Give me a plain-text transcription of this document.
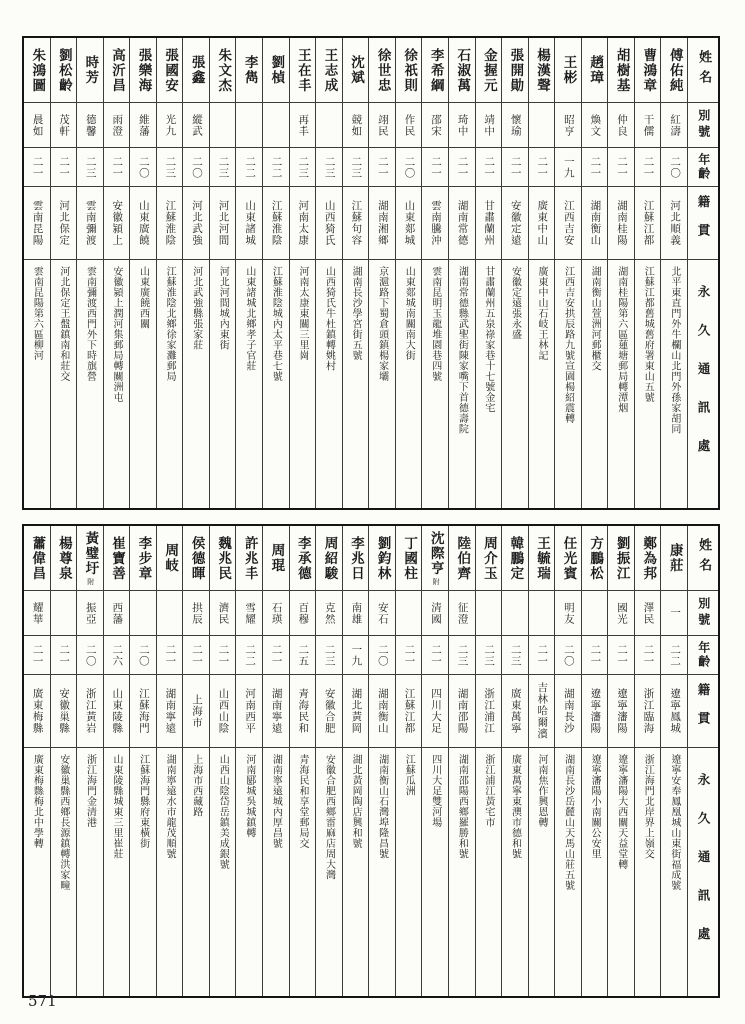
姓名
別號
年齡
籍貫
永久通訊處
傅佑純
紅濤
二〇
河北順義
北平東直門外牛欄山北門外孫家胡同
曹鴻章
干儒
二一
江蘇江都
江蘇江都舊城舊府署東山五號
胡樹基
仲良
二一
湖南桂陽
湖南桂陽第六區蓮塘郵局轉潭烟
趙璋
煥文
二一
湖南衡山
湖南衡山萱洲河郵櫃交
王彬
昭亨
一九
江西吉安
江西吉安拱辰路九號宣園楊紹震轉
楊漢聲
二一
廣東中山
廣東中山石岐王林記
張開勛
懷瑜
二一
安徽定遠
安徽定遠張永盛
金握元
靖中
二一
甘肅蘭州
甘肅蘭州五泉祿家巷十七號金宅
石淑萬
琦中
二一
湖南常德
湖南常德縣武聖街陳家嘴下首德壽院
李希綱
邵宋
二一
雲南騰沖
雲南昆明玉龍堆園巷四號
徐祇則
作民
二〇
山東郯城
山東郯城南關南大街
徐世忠
翊民
二一
湖南湘鄉
京滬路下蜀倉頭鎮楊家壩
沈斌
競如
二三
江蘇句容
湖南長沙學宮街五號
王志成
二三
山西猗氏
山西猗氏牛杜鎮轉姚村
王在丰
再丰
二三
河南太康
河南太康東關三里崗
劉楨
二二
江蘇淮陰
江蘇淮陰城內太平巷七號
李雋
二二
山東諸城
山東諸城北鄉孝子官莊
朱文杰
二三
河北河間
河北河間城內東街
張鑫
縱武
二〇
河北武強
河北武強縣張家莊
張國安
光九
二三
江蘇淮陰
江蘇淮陰北鄉徐家灘郵局
張樂海
維藩
二〇
山東廣饒
山東廣饒西關
高沂昌
雨澄
二一
安徽潁上
安徽潁上潤河集郵局轉關洲屯
時芳
德馨
二三
雲南彌渡
雲南彌渡西門外下時旗營
劉松齡
茂軒
二一
河北保定
河北保定王盤鎮南和莊交
朱鴻圖
晨如
二一
雲南昆陽
雲南昆陽第六區柳河
姓名
別號
年齡
籍貫
永久通訊處
康莊
一
二二
遼寧鳳城
遼寧安奉鳳凰城山東街福成號
鄭為邦
澤民
二一
浙江臨海
浙江海門北岸界上嶺交
劉振江
國光
二一
遼寧瀋陽
遼寧瀋陽大西關天益堂轉
方鵬松
二一
遼寧瀋陽
遼寧瀋陽小南關公安里
任光賓
明友
二〇
湖南長沙
湖南長沙岳麓山天馬山莊五號
王毓瑞
二一
吉林哈爾濱
河南焦作興恩轉
韓鵬定
二三
廣東萬寧
廣東萬寧東澳市德和號
周介玉
二三
浙江浦江
浙江浦江黃宅市
陸伯齊
征澄
二三
湖南邵陽
湖南邵陽西鄉羅勝和號
沈際亨
附
清國
二一
四川大足
四川大足雙河場
丁國柱
二一
江蘇江都
江蘇瓜洲
劉鈞林
安石
二〇
湖南衡山
湖南衡山石灣埠隆昌號
李兆日
南雄
一九
湖北黃岡
湖北黃岡陶店興和號
周紹駿
克然
二三
安徽合肥
安徽合肥西鄉雷麻店周大灣
李承德
百穆
二五
青海民和
青海民和享堂郵局交
周琨
石瑛
二一
湖南寧遠
湖南寧遠城內厚昌號
許兆丰
雪耀
二二
河南西平
河南郾城吳城鎮轉
魏兆民
濟民
二一
山西山陰
山西山陰岱岳鎮美成銀號
侯德暉
拱辰
二一
上海市
上海市西藏路
周岐
二一
湖南寧遠
湖南寧遠水市龍茂順號
李步章
二〇
江蘇海門
江蘇海門縣府東橫街
崔寶善
西藩
二六
山東陵縣
山東陵縣城東三里崔莊
黃璧圩
附
振亞
二〇
浙江黃岩
浙江海門金清港
楊尊泉
二一
安徽巢縣
安徽巢縣西鄉長源鎮轉洪家疃
蕭偉昌
耀華
二一
廣東梅縣
廣東梅縣梅北中學轉
571
